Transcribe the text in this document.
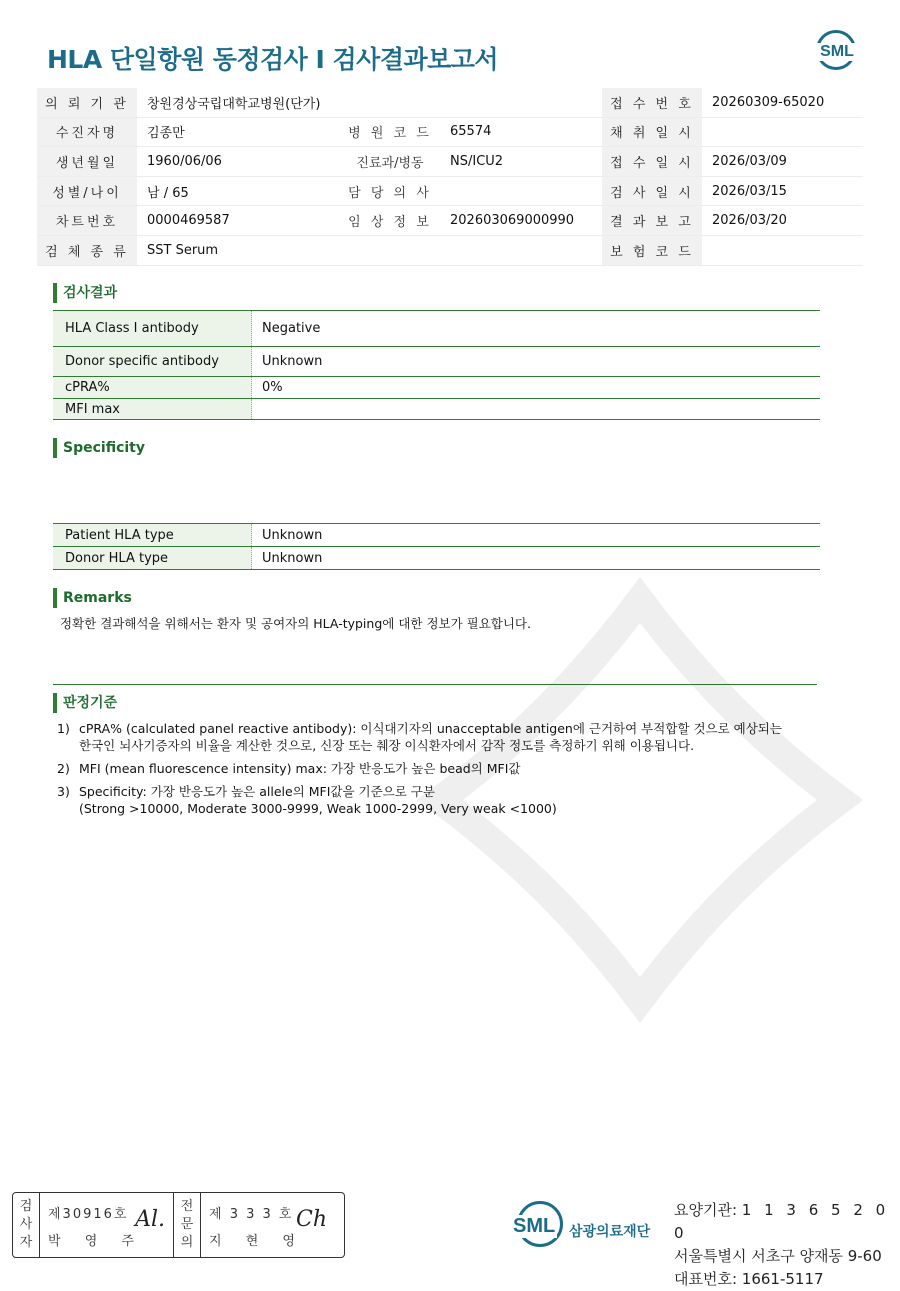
HLA 단일항원 동정검사 I 검사결과보고서	SML
의 뢰 기 관	창원경상국립대학교병원(단가)			접 수 번 호	20260309-65020
수진자명	김종만	병 원 코 드	65574	채 취 일 시	
생년월일	1960/06/06	진료과/병동	NS/ICU2	접 수 일 시	2026/03/09
성별/나이	남 / 65	담 당 의 사		검 사 일 시	2026/03/15
차트번호	0000469587	임 상 정 보	202603069000990	결 과 보 고	2026/03/20
검 체 종 류	SST Serum			보 험 코 드	
검사결과
HLA Class I antibody	Negative
Donor specific antibody	Unknown
cPRA%	0%
MFI max	
Specificity
Patient HLA type	Unknown
Donor HLA type	Unknown
Remarks
정확한 결과해석을 위해서는 환자 및 공여자의 HLA-typing에 대한 정보가 필요합니다.
판정기준
1) cPRA% (calculated panel reactive antibody): 이식대기자의 unacceptable antigen에 근거하여 부적합할 것으로 예상되는
한국인 뇌사기증자의 비율을 계산한 것으로, 신장 또는 췌장 이식환자에서 감작 정도를 측정하기 위해 이용됩니다.
2) MFI (mean fluorescence intensity) max: 가장 반응도가 높은 bead의 MFI값
3) Specificity: 가장 반응도가 높은 allele의 MFI값을 기준으로 구분
(Strong >10000, Moderate 3000-9999, Weak 1000-2999, Very weak <1000)
검
사
자
제30916호
박 영 주
Al.
전
문
의
제 3 3 3 호
지 현 영
Ch	SML 삼광의료재단
요양기관: 1 1 3 6 5 2 0 0
서울특별시 서초구 양재동 9-60
대표번호: 1661-5117
